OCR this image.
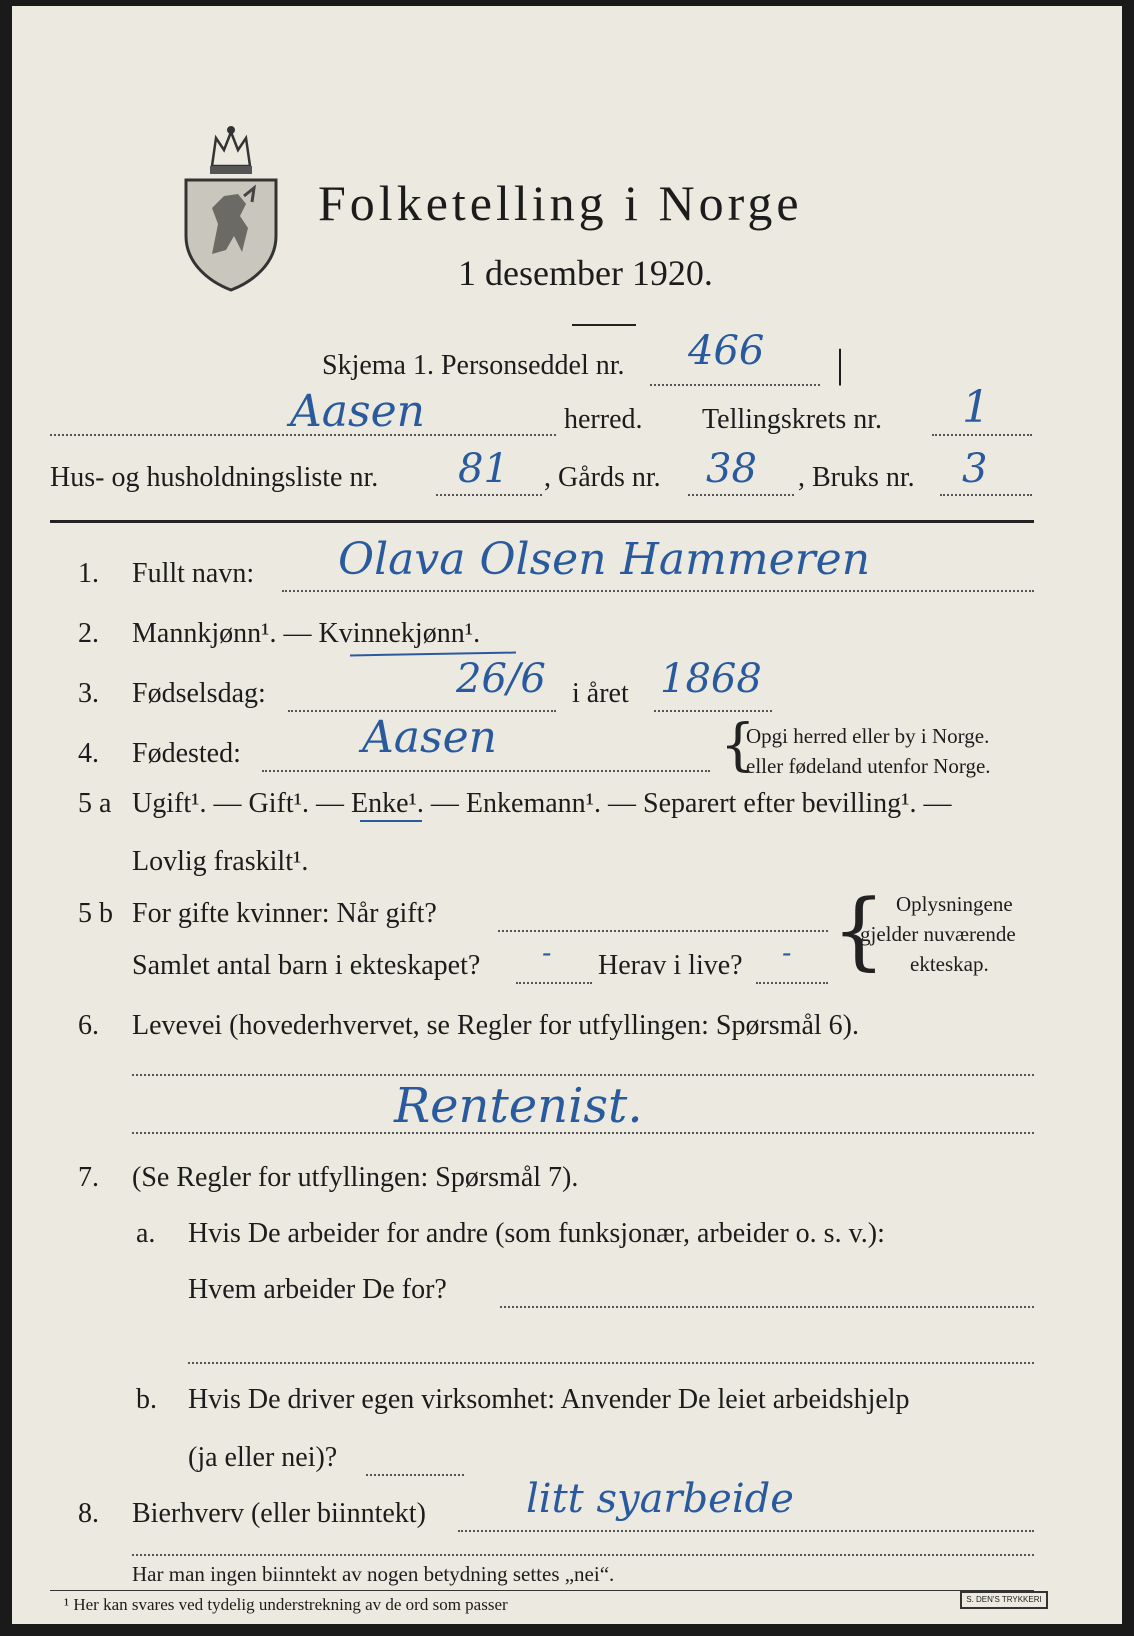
Folketelling i Norge
1 desember 1920.
Skjema 1. Personseddel nr. 466 |
Aasen	herred. Tellingskrets nr. 1
Hus- og husholdningsliste nr. 81 , Gårds nr. 38 , Bruks nr. 3
1. Fullt navn: Olava Olsen Hammeren
2. Mannkjønn¹. — Kvinnekjønn¹.
3. Fødselsdag:	26/6 i året 1868
4. Fødested:	Aasen	{
Opgi herred eller by i Norge.
eller fødeland utenfor Norge.
5 a Ugift¹. — Gift¹. — Enke¹. — Enkemann¹. — Separert efter bevilling¹. —
Lovlig fraskilt¹.
5 b For gifte kvinner: Når gift?
Samlet antal barn i ekteskapet? - Herav i live? - { Oplysningene
gjelder nuværende
ekteskap.
6. Levevei (hovederhvervet, se Regler for utfyllingen: Spørsmål 6).
Rentenist.
7. (Se Regler for utfyllingen: Spørsmål 7).
a. Hvis De arbeider for andre (som funksjonær, arbeider o. s. v.):
Hvem arbeider De for?
b. Hvis De driver egen virksomhet: Anvender De leiet arbeidshjelp
(ja eller nei)?
8. Bierhverv (eller biinntekt)	litt syarbeide
Har man ingen biinntekt av nogen betydning settes „nei“.
¹ Her kan svares ved tydelig understrekning av de ord som passer	S. DEN'S TRYKKERI
